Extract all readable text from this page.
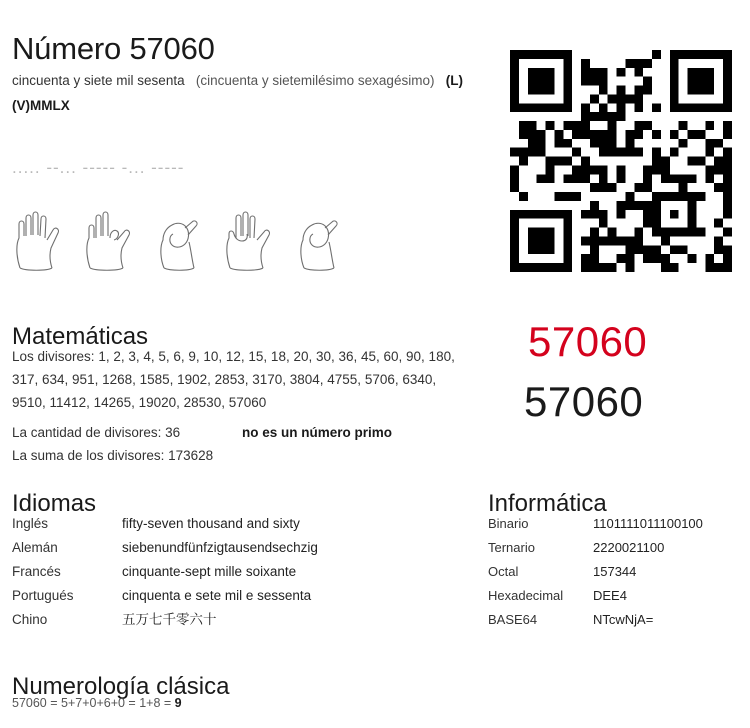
Número 57060
cincuenta y siete mil sesenta (cincuenta y sietemilésimo sexagésimo) (L)(V)MMLX
..... --... ----- -... -----
Matemáticas
Los divisores: 1, 2, 3, 4, 5, 6, 9, 10, 12, 15, 18, 20, 30, 36, 45, 60, 90, 180, 317, 634, 951, 1268, 1585, 1902, 2853, 3170, 3804, 4755, 5706, 6340, 9510, 11412, 14265, 19020, 28530, 57060
La cantidad de divisores: 36	no es un número primo
La suma de los divisores: 173628
Idiomas
Inglés	fifty-seven thousand and sixty
Alemán	siebenundfünfzigtausendsechzig
Francés	cinquante-sept mille soixante
Portugués	cinquenta e sete mil e sessenta
Chino	五万七千零六十
Informática
Binario	1101111011100100
Ternario	2220021100
Octal	157344
Hexadecimal	DEE4
BASE64	NTcwNjA=
Numerología clásica
57060 = 5+7+0+6+0 = 1+8 = 9
57060
57060
